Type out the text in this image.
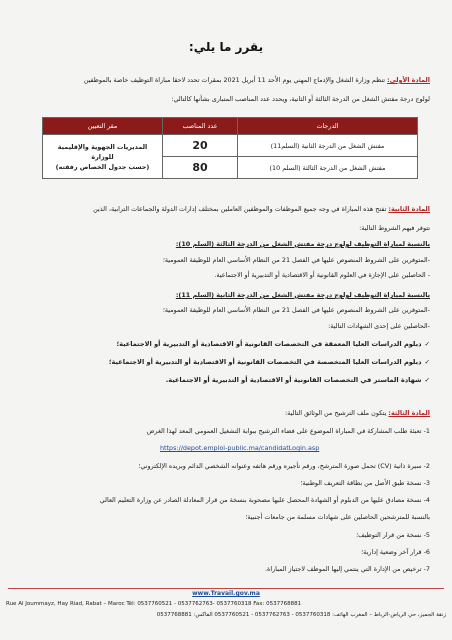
يقرر ما يلي:
المادة الأولى: تنظم وزارة الشغل والإدماج المهني يوم الأحد 11 أبريل 2021 بمقرات تحدد لاحقا مباراة التوظيف خاصة بالموظفين
لولوج درجة مفتش الشغل من الدرجة الثالثة أو الثانية، ويحدد عدد المناصب المتبارى بشأنها كالتالي:
الدرجات	عدد المناصب	مقر التعيين
مفتش الشغل من الدرجة الثانية (السلم11)	20	المديريات الجهوية والإقليمية
للوزارة
(حسب جدول الخصاص رفقته)

مفتش الشغل من الدرجة الثالثة (السلم 10)	80	
المادة الثانية: تفتح هذه المباراة في وجه جميع الموظفات والموظفين العاملين بمختلف إدارات الدولة والجماعات الترابية، الذين
تتوفر فيهم الشروط التالية:
بالنسبة لمباراة التوظيف لولوج درجة مفتش الشغل من الدرجة الثالثة (السلم 10):
-المتوفرين على الشروط المنصوص عليها في الفصل 21 من النظام الأساسي العام للوظيفة العمومية؛
- الحاصلين على الإجازة في العلوم القانونية أو الاقتصادية أو التدبيرية أو الاجتماعية.
بالنسبة لمباراة التوظيف لولوج درجة مفتش الشغل من الدرجة الثانية (السلم 11):
-المتوفرين على الشروط المنصوص عليها في الفصل 21 من النظام الأساسي العام للوظيفة العمومية؛
-الحاصلين على إحدى الشهادات التالية:
✓دبلوم الدراسات العليا المعمقة في التخصصات القانونية أو الاقتصادية أو التدبيرية أو الاجتماعية؛
✓دبلوم الدراسات العليا المتخصصة في التخصصات القانونية أو الاقتصادية أو التدبيرية أو الاجتماعية؛
✓شهادة الماستر في التخصصات القانونية أو الاقتصادية أو التدبيرية أو الاجتماعية.
المادة الثالثة: يتكون ملف الترشيح من الوثائق التالية:
1- تعبئة طلب المشاركة في المباراة الموضوع على فضاء الترشيح ببوابة التشغيل العمومي المعد لهذا الغرض
https://depot.emploi-public.ma/candidatLogin.asp
2- سيرة ذاتية (CV) تحمل صورة المترشح، ورقم تأجيره ورقم هاتفه وعنوانه الشخصي الدائم وبريده الإلكتروني؛
3- نسخة طبق الأصل من بطاقة التعريف الوطنية؛
4- نسخة مصادق عليها من الدبلوم أو الشهادة المحصل عليها مصحوبة بنسخة من قرار المعادلة الصادر عن وزارة التعليم العالي
بالنسبة للمترشحين الحاصلين على شهادات مسلمة من جامعات أجنبية؛
5- نسخة من قرار التوظيف؛
6- قرار آخر وضعية إدارية؛
7- ترخيص من الإدارة التي ينتمي إليها الموظف لاجتياز المباراة.
www.Travail.gov.ma
Rue Al Joummayz, Hay Riad, Rabat – Maroc Tél: 0537760521 - 0537762763- 0537760318 Fax: 0537768881
زنقة الجميز، حي الرياض-الرباط – المغرب الهاتف: 0537760318 - 0537762763 - 0537760521 الفاكس: 0537768881
